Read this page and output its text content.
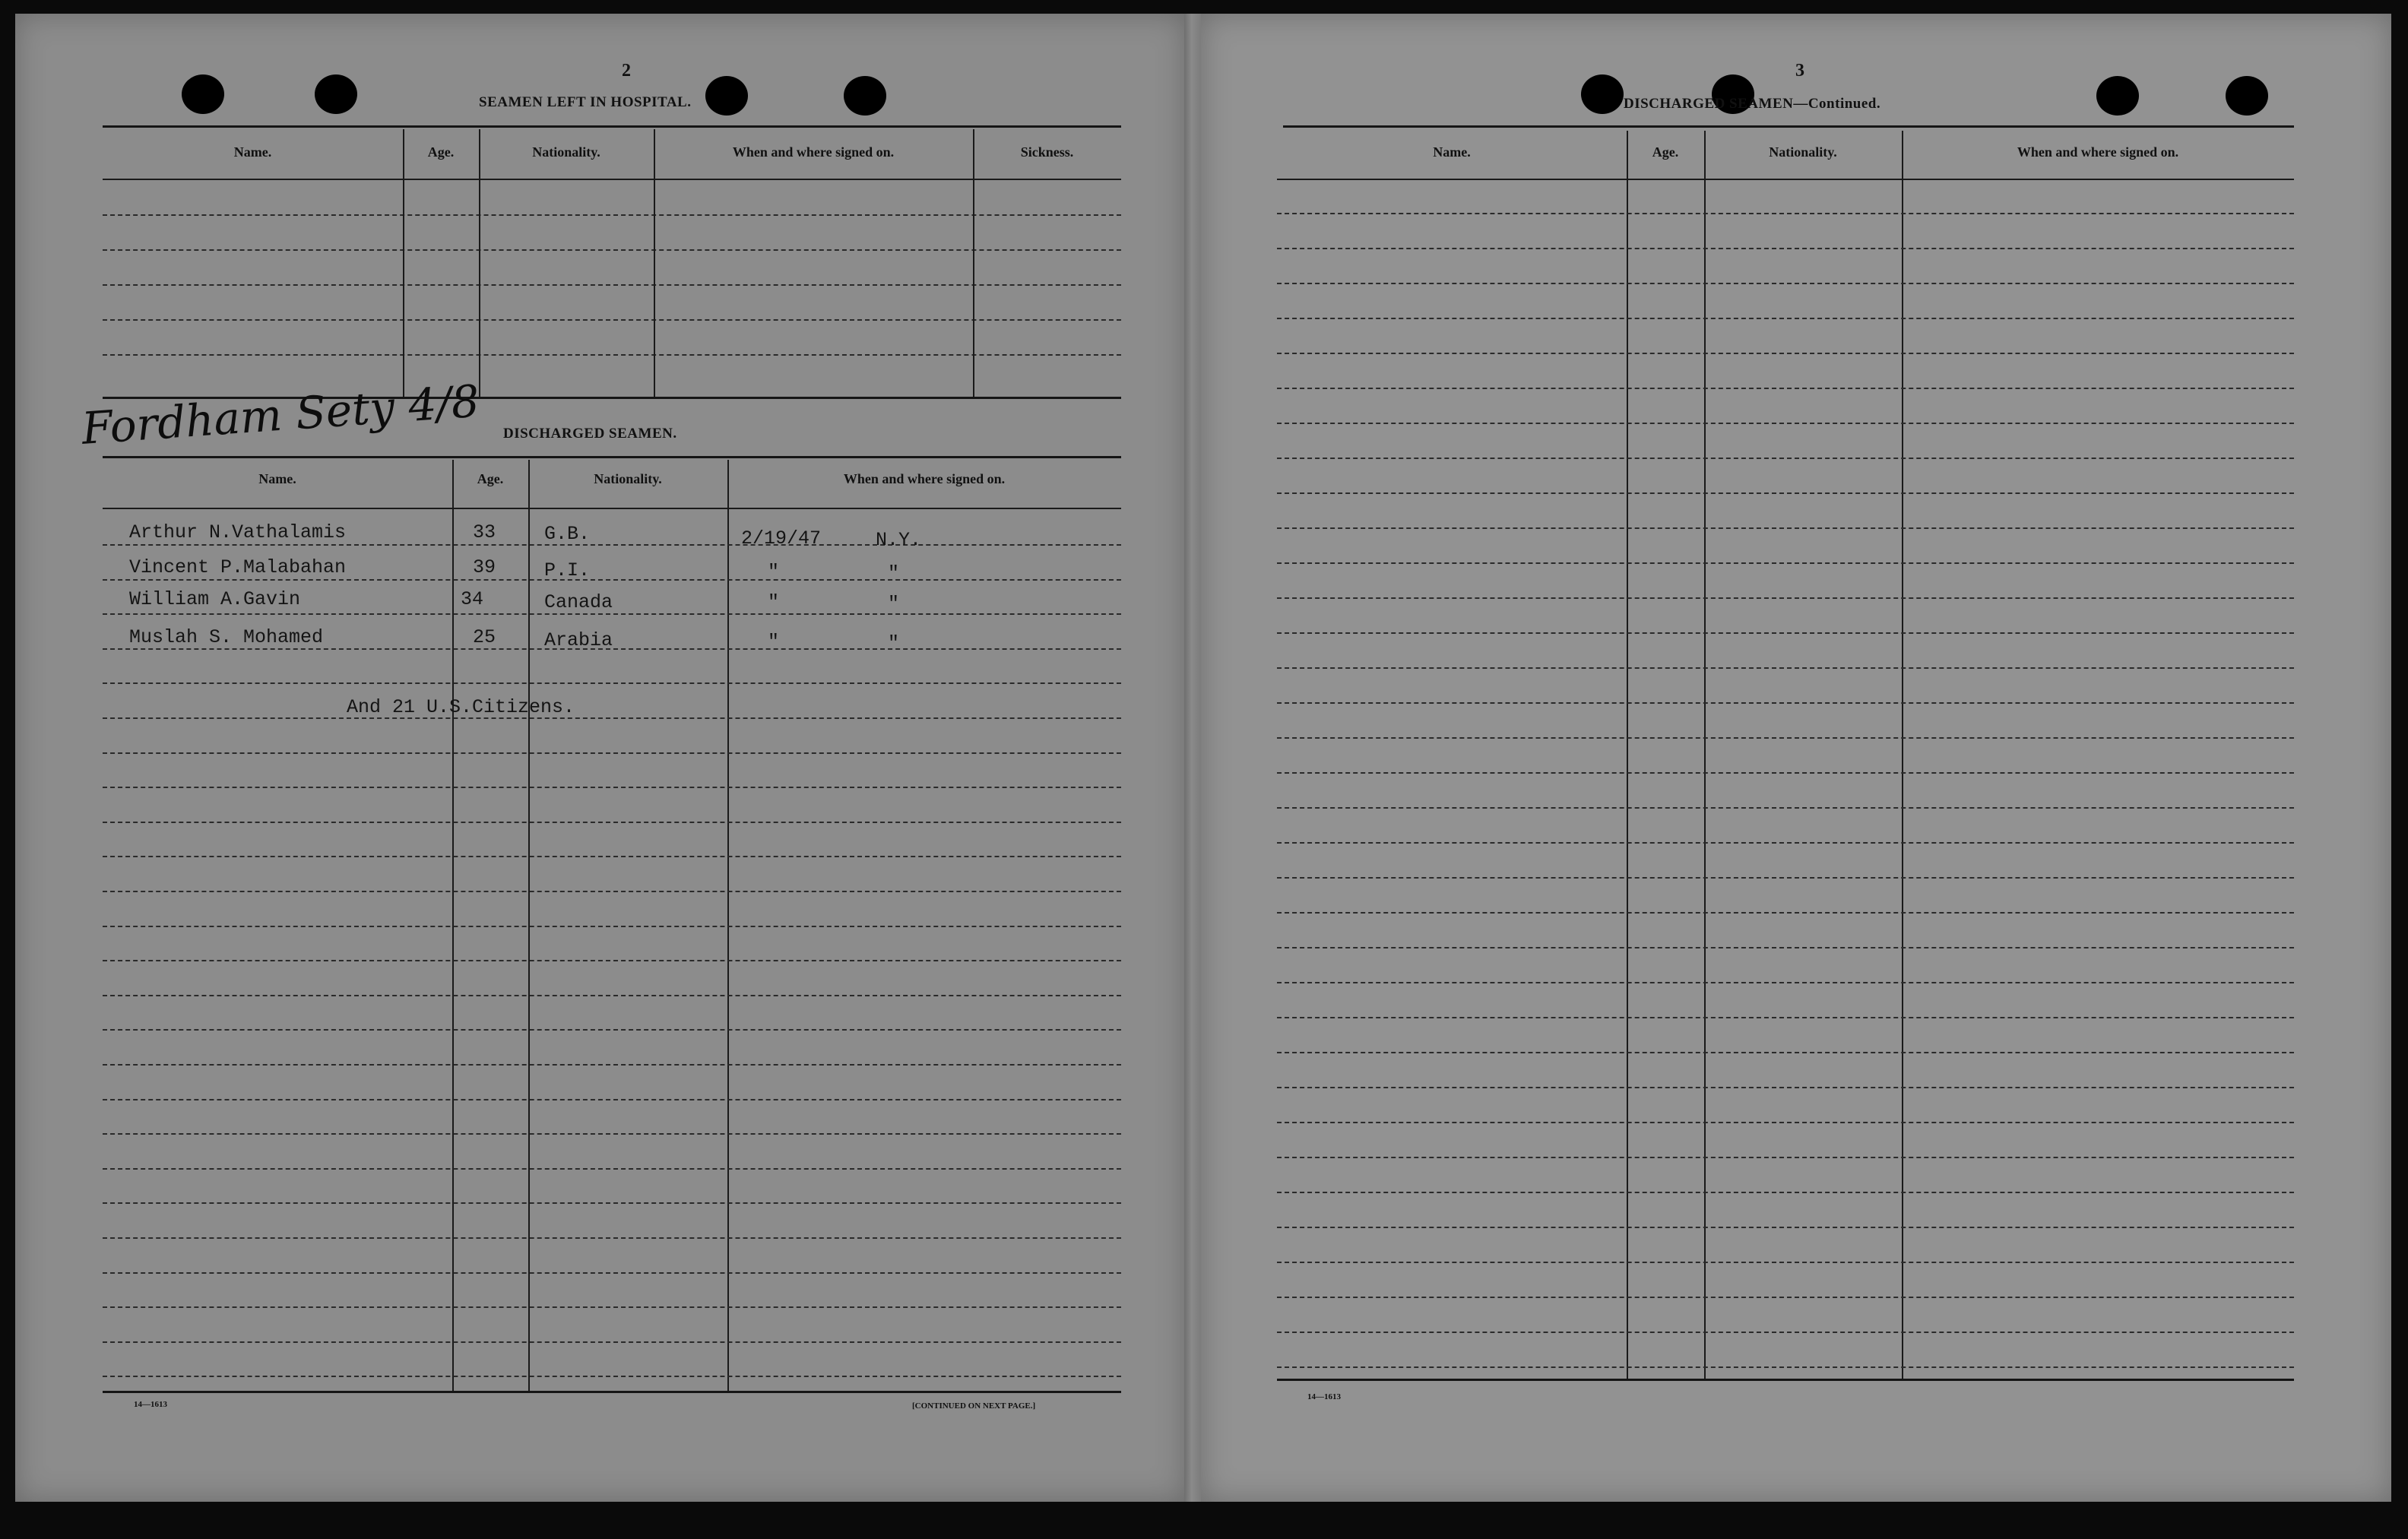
2
SEAMEN LEFT IN HOSPITAL.
Name.	Age.	Nationality.	When and where signed on.	Sickness.
Fordham Sety 4/8 DISCHARGED SEAMEN.
Name.	Age.	Nationality.	When and where signed on.
Arthur N.Vathalamis	33	G.B.	2/19/47	N.Y.
Vincent P.Malabahan	39	P.I.	"	"
William A.Gavin	34	Canada	"	"
Muslah S. Mohamed	25	Arabia	"	"
And 21 U.S.Citizens.
14—1613	[CONTINUED ON NEXT PAGE.]
3
DISCHARGED SEAMEN—Continued.
Name.	Age.	Nationality.	When and where signed on.
14—1613
